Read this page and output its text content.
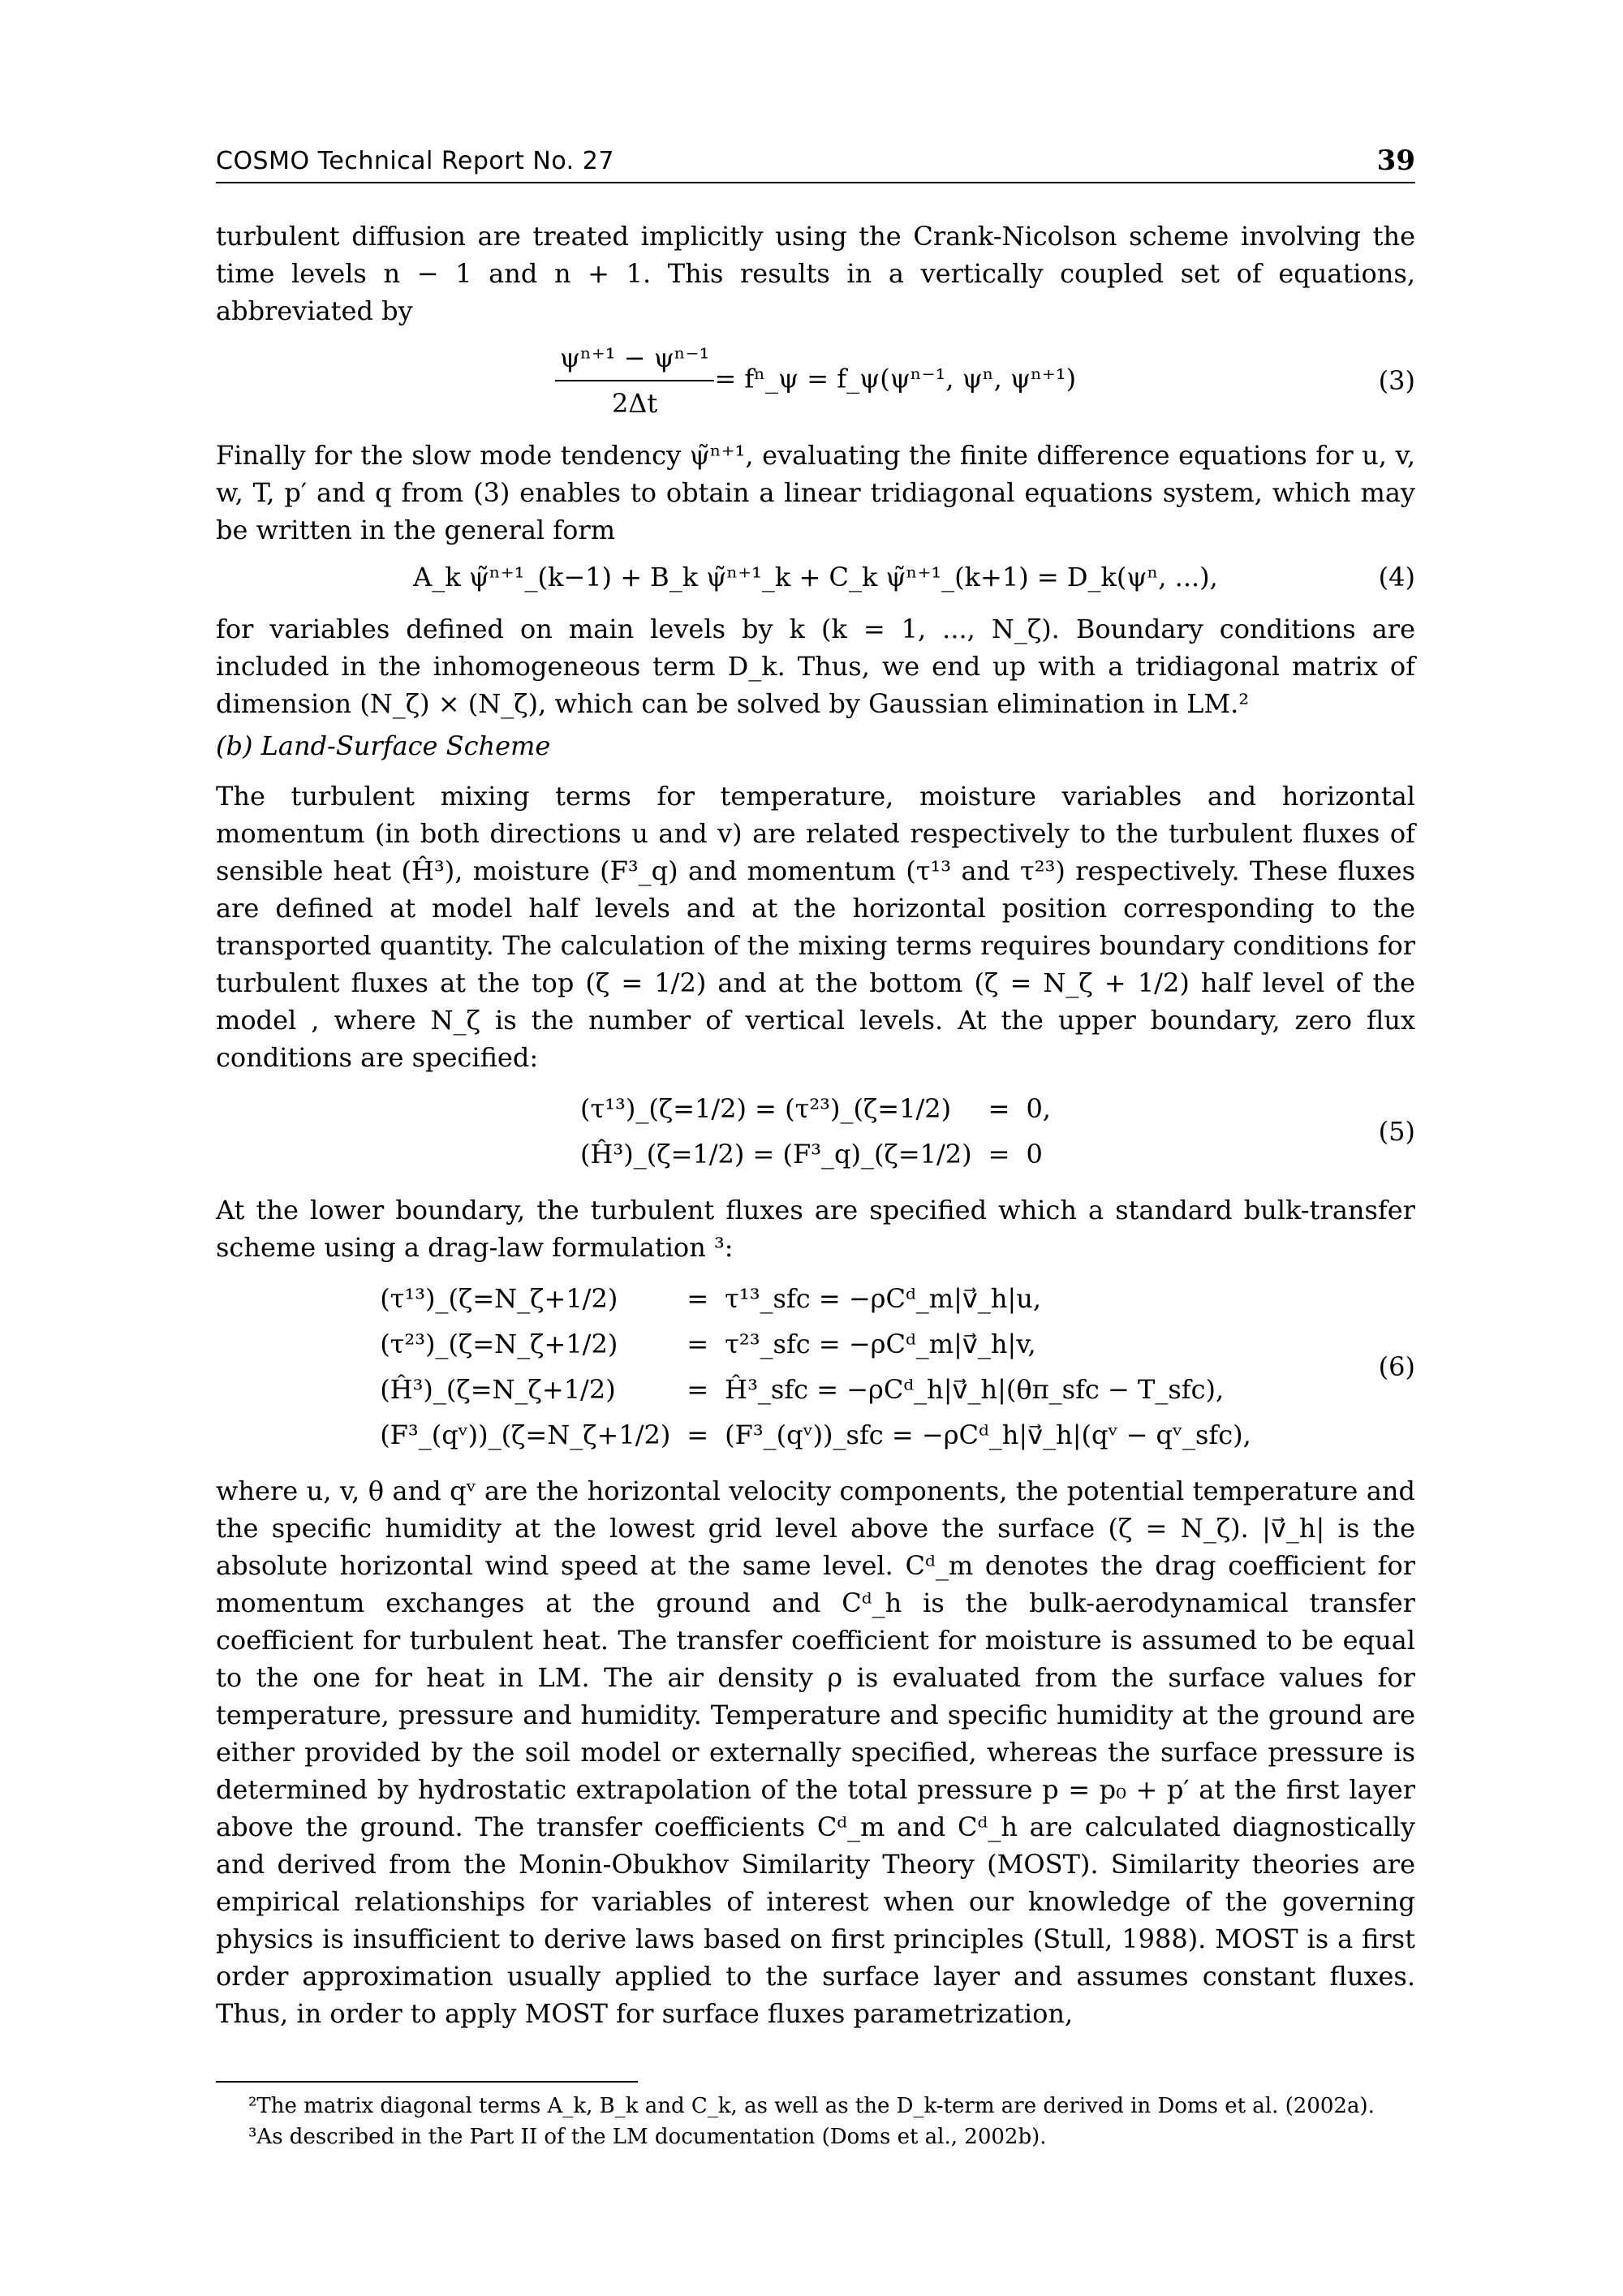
COSMO Technical Report No. 27	39

turbulent diffusion are treated implicitly using the Crank-Nicolson scheme involving the time levels n − 1 and n + 1. This results in a vertically coupled set of equations, abbreviated by

$\frac{\text{ψⁿ⁺¹ − ψⁿ⁻¹}}{2\Delta t}$ = fⁿ_ψ = f_ψ(ψⁿ⁻¹, ψⁿ, ψⁿ⁺¹)	(3)

Finally for the slow mode tendency ψ̃ⁿ⁺¹, evaluating the finite difference equations for u, v, w, T, p′ and q from (3) enables to obtain a linear tridiagonal equations system, which may be written in the general form

A_k ψ̃ⁿ⁺¹_(k−1) + B_k ψ̃ⁿ⁺¹_k + C_k ψ̃ⁿ⁺¹_(k+1) = D_k(ψⁿ, ...),	(4)

for variables defined on main levels by k (k = 1, ..., N_ζ). Boundary conditions are included in the inhomogeneous term D_k. Thus, we end up with a tridiagonal matrix of dimension (N_ζ) × (N_ζ), which can be solved by Gaussian elimination in LM.²

(b) Land-Surface Scheme

The turbulent mixing terms for temperature, moisture variables and horizontal momentum (in both directions u and v) are related respectively to the turbulent fluxes of sensible heat (Ĥ³), moisture (F³_q) and momentum (τ¹³ and τ²³) respectively. These fluxes are defined at model half levels and at the horizontal position corresponding to the transported quantity. The calculation of the mixing terms requires boundary conditions for turbulent fluxes at the top (ζ = 1/2) and at the bottom (ζ = N_ζ + 1/2) half level of the model , where N_ζ is the number of vertical levels. At the upper boundary, zero flux conditions are specified:

(τ¹³)_(ζ=1/2) = (τ²³)_(ζ=1/2)	=	0,
(Ĥ³)_(ζ=1/2) = (F³_q)_(ζ=1/2)	=	0
(5)

At the lower boundary, the turbulent fluxes are specified which a standard bulk-transfer scheme using a drag-law formulation ³:

(τ¹³)_(ζ=N_ζ+1/2)	=	τ¹³_sfc = −ρCᵈ_m|v⃗_h|u,
(τ²³)_(ζ=N_ζ+1/2)	=	τ²³_sfc = −ρCᵈ_m|v⃗_h|v,
(Ĥ³)_(ζ=N_ζ+1/2)	=	Ĥ³_sfc = −ρCᵈ_h|v⃗_h|(θπ_sfc − T_sfc),
(F³_(qᵛ))_(ζ=N_ζ+1/2)	=	(F³_(qᵛ))_sfc = −ρCᵈ_h|v⃗_h|(qᵛ − qᵛ_sfc),
(6)

where u, v, θ and qᵛ are the horizontal velocity components, the potential temperature and the specific humidity at the lowest grid level above the surface (ζ = N_ζ). |v⃗_h| is the absolute horizontal wind speed at the same level. Cᵈ_m denotes the drag coefficient for momentum exchanges at the ground and Cᵈ_h is the bulk-aerodynamical transfer coefficient for turbulent heat. The transfer coefficient for moisture is assumed to be equal to the one for heat in LM. The air density ρ is evaluated from the surface values for temperature, pressure and humidity. Temperature and specific humidity at the ground are either provided by the soil model or externally specified, whereas the surface pressure is determined by hydrostatic extrapolation of the total pressure p = p₀ + p′ at the first layer above the ground. The transfer coefficients Cᵈ_m and Cᵈ_h are calculated diagnostically and derived from the Monin-Obukhov Similarity Theory (MOST). Similarity theories are empirical relationships for variables of interest when our knowledge of the governing physics is insufficient to derive laws based on first principles (Stull, 1988). MOST is a first order approximation usually applied to the surface layer and assumes constant fluxes. Thus, in order to apply MOST for surface fluxes parametrization,

²The matrix diagonal terms A_k, B_k and C_k, as well as the D_k-term are derived in Doms et al. (2002a).
³As described in the Part II of the LM documentation (Doms et al., 2002b).
